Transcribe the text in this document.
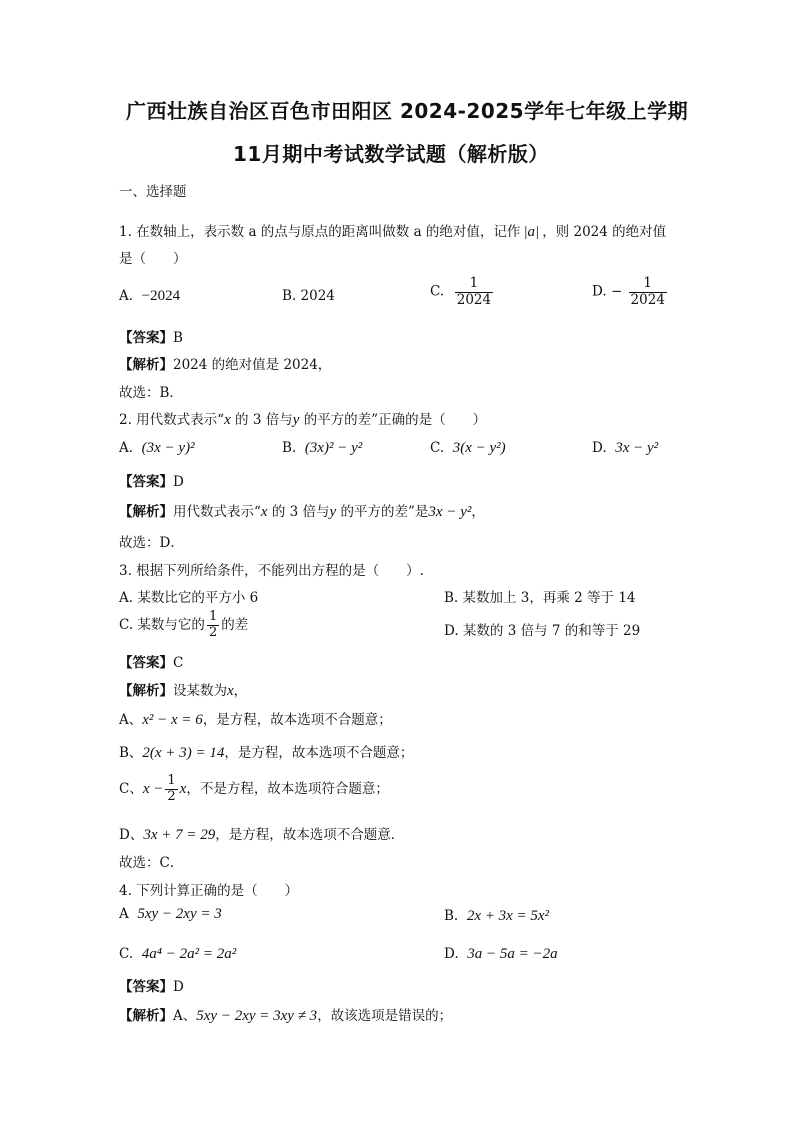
广西壮族自治区百色市田阳区 2024-2025学年七年级上学期
11月期中考试数学试题（解析版）
一、选择题
1. 在数轴上，表示数 a 的点与原点的距离叫做数 a 的绝对值，记作 |a| ，则 2024 的绝对值
是（　　）
A. −2024	B. 2024	C. $\frac{1}{2024}$	D. − $\frac{1}{2024}$
【答案】B
【解析】2024 的绝对值是 2024，
故选：B．
2. 用代数式表示“x 的 3 倍与y 的平方的差”正确的是（　　）
A. (3x − y)²	B. (3x)² − y²	C. 3(x − y²)	D. 3x − y²
【答案】D
【解析】用代数式表示“x 的 3 倍与y 的平方的差”是3x − y²，
故选：D．
3. 根据下列所给条件，不能列出方程的是（　　）.
A. 某数比它的平方小 6	B. 某数加上 3，再乘 2 等于 14
C. 某数与它的 $\frac{1}{2}$ 的差	D. 某数的 3 倍与 7 的和等于 29
【答案】C
【解析】设某数为x，
A、x² − x = 6，是方程，故本选项不合题意；
B、2(x + 3) = 14，是方程，故本选项不合题意；
C、$x - \frac{1}{2}$ x，不是方程，故本选项符合题意；
D、3x + 7 = 29，是方程，故本选项不合题意．
故选：C．
4. 下列计算正确的是（　　）
A 5xy − 2xy = 3	B. 2x + 3x = 5x²
C. 4a⁴ − 2a² = 2a²	D. 3a − 5a = −2a
【答案】D
【解析】A、5xy − 2xy = 3xy ≠ 3，故该选项是错误的；
